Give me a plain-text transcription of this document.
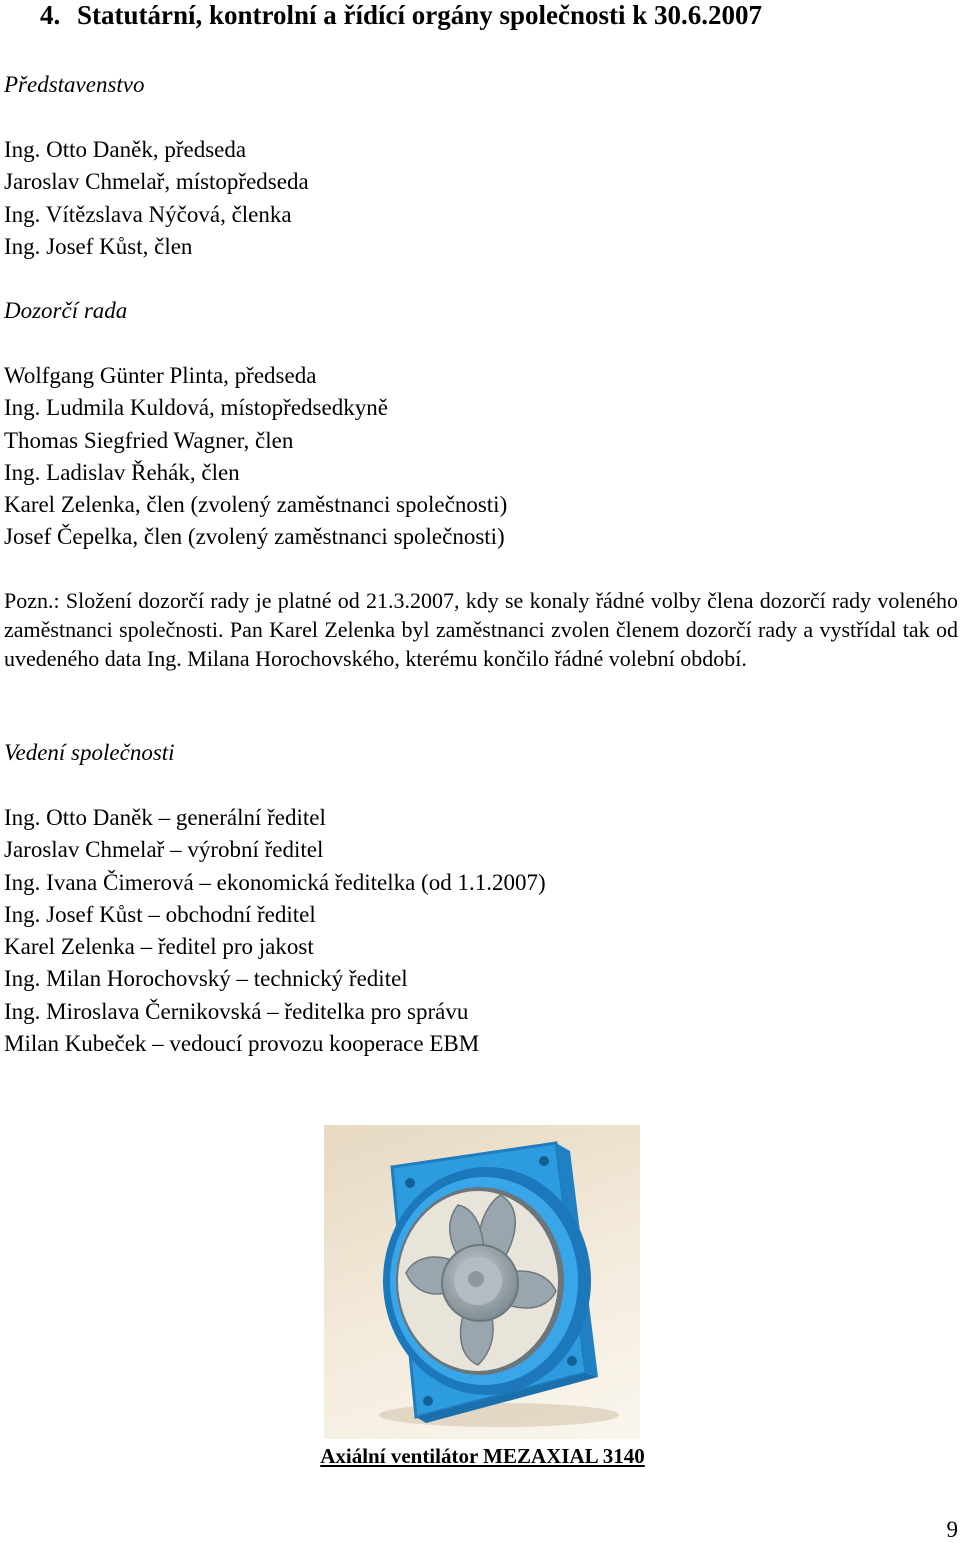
4. Statutární, kontrolní a řídící orgány společnosti k 30.6.2007
Představenstvo
Ing. Otto Daněk, předseda
Jaroslav Chmelař, místopředseda
Ing. Vítězslava Nýčová, členka
Ing. Josef Kůst, člen
Dozorčí rada
Wolfgang Günter Plinta, předseda
Ing. Ludmila Kuldová, místopředsedkyně
Thomas Siegfried Wagner, člen
Ing. Ladislav Řehák, člen
Karel Zelenka, člen (zvolený zaměstnanci společnosti)
Josef Čepelka, člen (zvolený zaměstnanci společnosti)

Pozn.: Složení dozorčí rady je platné od 21.3.2007, kdy se konaly řádné volby člena dozorčí rady voleného zaměstnanci společnosti. Pan Karel Zelenka byl zaměstnanci zvolen členem dozorčí rady a vystřídal tak od uvedeného data Ing. Milana Horochovského, kterému končilo řádné volební období.

Vedení společnosti
Ing. Otto Daněk – generální ředitel
Jaroslav Chmelař – výrobní ředitel
Ing. Ivana Čimerová – ekonomická ředitelka (od 1.1.2007)
Ing. Josef Kůst – obchodní ředitel
Karel Zelenka – ředitel pro jakost
Ing. Milan Horochovský – technický ředitel
Ing. Miroslava Černikovská – ředitelka pro správu
Milan Kubeček – vedoucí provozu kooperace EBM
Axiální ventilátor MEZAXIAL 3140
9
